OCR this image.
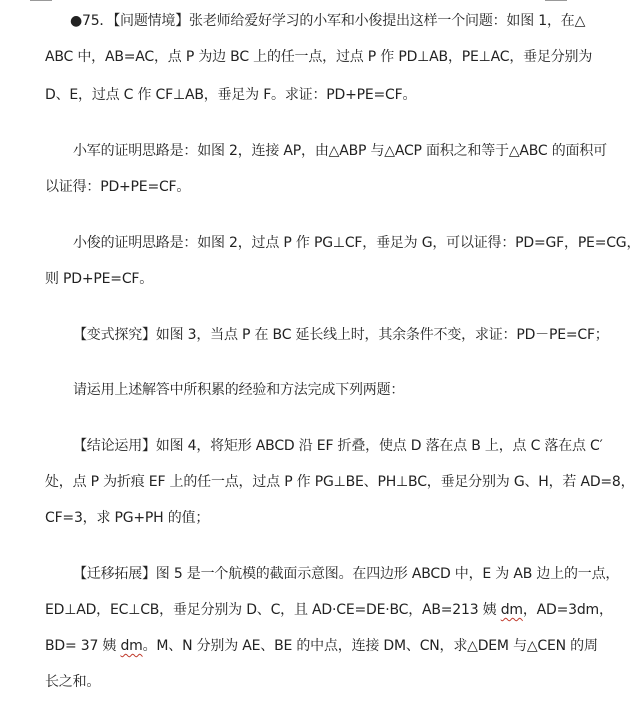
●75．【问题情境】张老师给爱好学习的小军和小俊提出这样一个问题：如图 1，在△
ABC 中，AB=AC，点 P 为边 BC 上的任一点，过点 P 作 PD⊥AB，PE⊥AC，垂足分别为
D、E，过点 C 作 CF⊥AB，垂足为 F。求证：PD+PE=CF。
小军的证明思路是：如图 2，连接 AP，由△ABP 与△ACP 面积之和等于△ABC 的面积可
以证得：PD+PE=CF。
小俊的证明思路是：如图 2，过点 P 作 PG⊥CF，垂足为 G，可以证得：PD=GF，PE=CG，
则 PD+PE=CF。
【变式探究】如图 3，当点 P 在 BC 延长线上时，其余条件不变，求证：PD－PE=CF；
请运用上述解答中所积累的经验和方法完成下列两题：
【结论运用】如图 4，将矩形 ABCD 沿 EF 折叠，使点 D 落在点 B 上，点 C 落在点 C′
处，点 P 为折痕 EF 上的任一点，过点 P 作 PG⊥BE、PH⊥BC，垂足分别为 G、H，若 AD=8，
CF=3，求 PG+PH 的值；
【迁移拓展】图 5 是一个航模的截面示意图。在四边形 ABCD 中，E 为 AB 边上的一点，
ED⊥AD，EC⊥CB，垂足分别为 D、C，且 AD·CE=DE·BC，AB=213 姨 dm，AD=3dm，
BD= 37 姨 dm。M、N 分别为 AE、BE 的中点，连接 DM、CN，求△DEM 与△CEN 的周
长之和。
